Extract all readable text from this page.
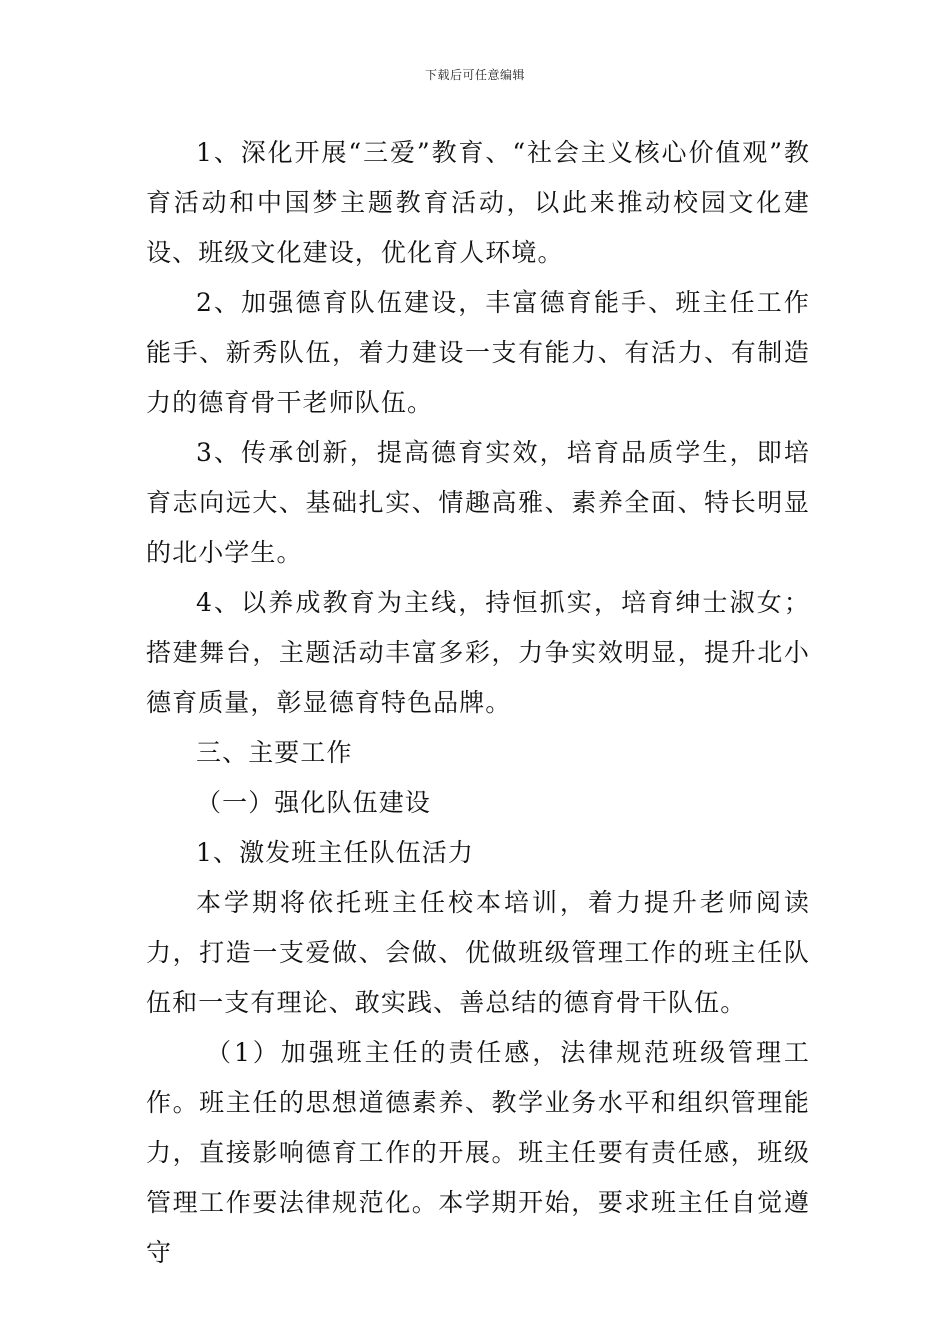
下载后可任意编辑

1、深化开展“三爱”教育、“社会主义核心价值观”教育活动和中国梦主题教育活动，以此来推动校园文化建设、班级文化建设，优化育人环境。

2、加强德育队伍建设，丰富德育能手、班主任工作能手、新秀队伍，着力建设一支有能力、有活力、有制造力的德育骨干老师队伍。

3、传承创新，提高德育实效，培育品质学生，即培育志向远大、基础扎实、情趣高雅、素养全面、特长明显的北小学生。

4、以养成教育为主线，持恒抓实，培育绅士淑女；搭建舞台，主题活动丰富多彩，力争实效明显，提升北小德育质量，彰显德育特色品牌。

三、主要工作

（一）强化队伍建设

1、激发班主任队伍活力

本学期将依托班主任校本培训，着力提升老师阅读力，打造一支爱做、会做、优做班级管理工作的班主任队伍和一支有理论、敢实践、善总结的德育骨干队伍。

（1）加强班主任的责任感，法律规范班级管理工作。班主任的思想道德素养、教学业务水平和组织管理能力，直接影响德育工作的开展。班主任要有责任感，班级管理工作要法律规范化。本学期开始，要求班主任自觉遵守
